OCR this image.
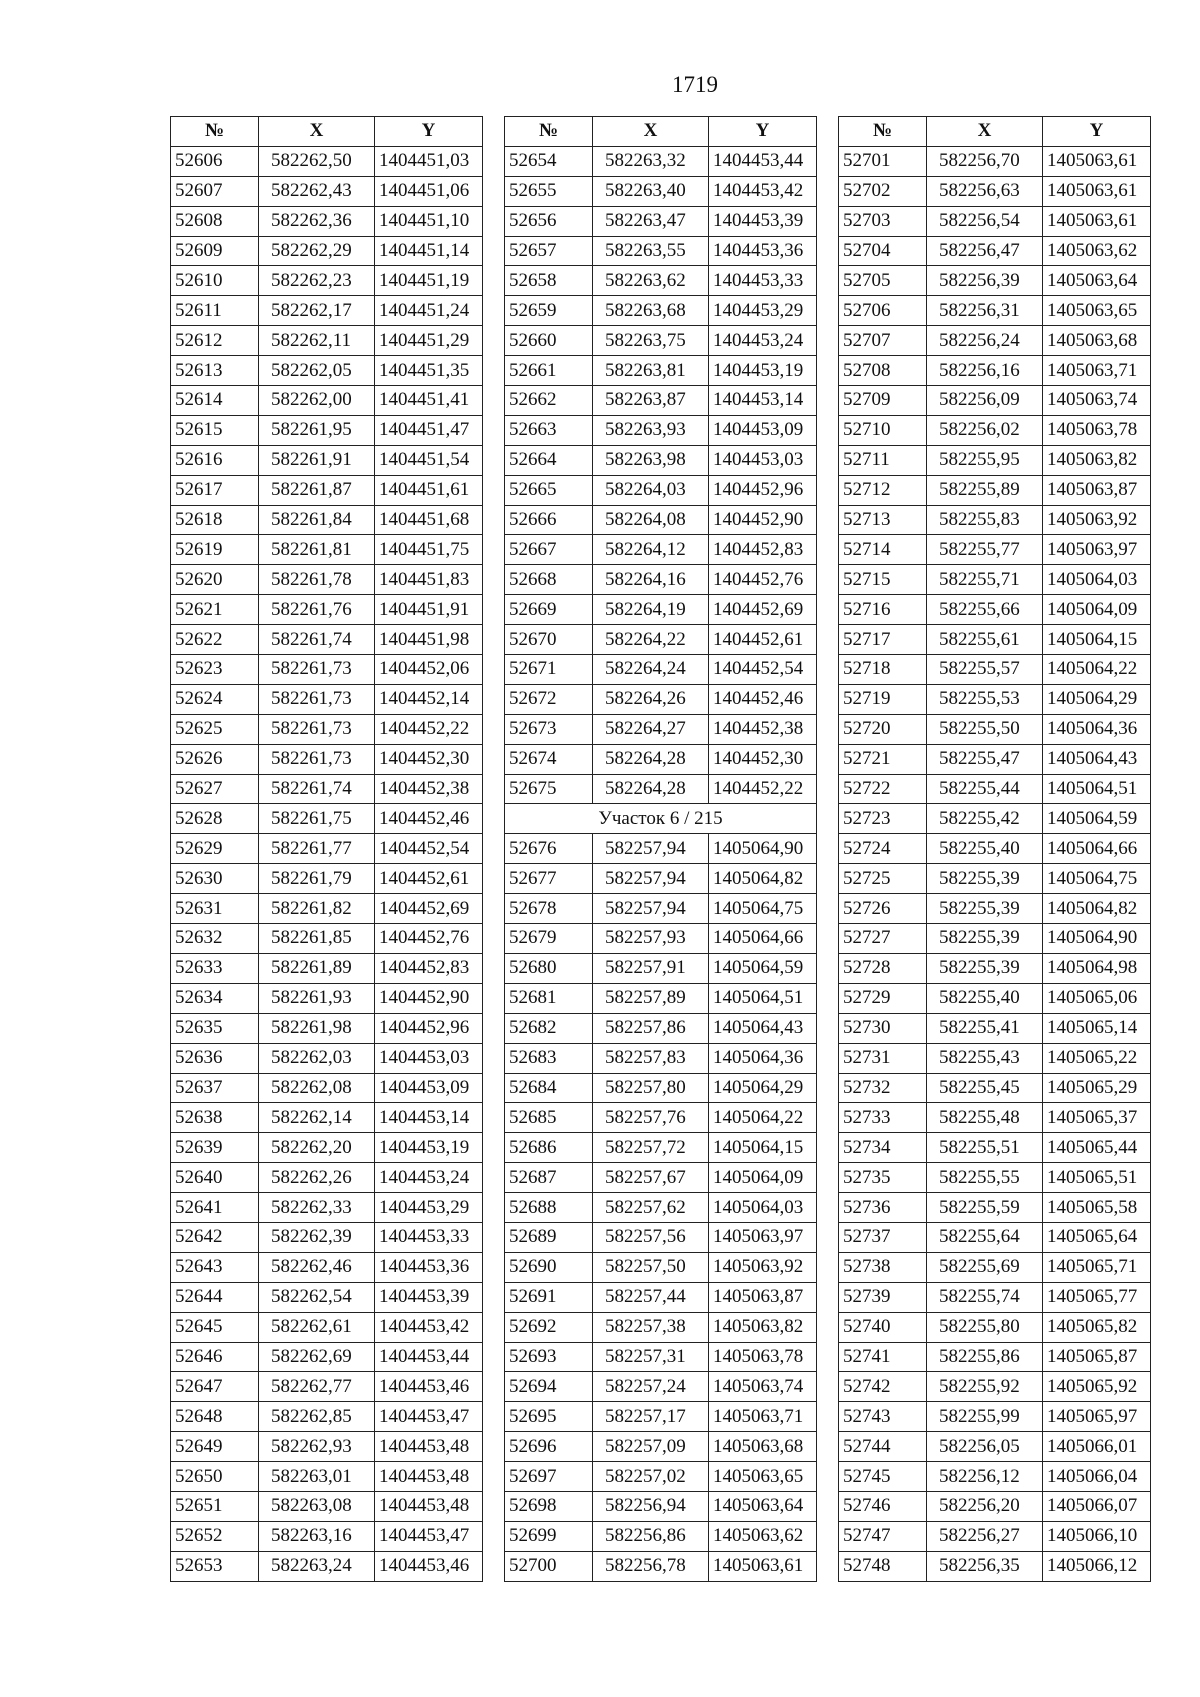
1719
№	X	Y
52606	582262,50	1404451,03
52607	582262,43	1404451,06
52608	582262,36	1404451,10
52609	582262,29	1404451,14
52610	582262,23	1404451,19
52611	582262,17	1404451,24
52612	582262,11	1404451,29
52613	582262,05	1404451,35
52614	582262,00	1404451,41
52615	582261,95	1404451,47
52616	582261,91	1404451,54
52617	582261,87	1404451,61
52618	582261,84	1404451,68
52619	582261,81	1404451,75
52620	582261,78	1404451,83
52621	582261,76	1404451,91
52622	582261,74	1404451,98
52623	582261,73	1404452,06
52624	582261,73	1404452,14
52625	582261,73	1404452,22
52626	582261,73	1404452,30
52627	582261,74	1404452,38
52628	582261,75	1404452,46
52629	582261,77	1404452,54
52630	582261,79	1404452,61
52631	582261,82	1404452,69
52632	582261,85	1404452,76
52633	582261,89	1404452,83
52634	582261,93	1404452,90
52635	582261,98	1404452,96
52636	582262,03	1404453,03
52637	582262,08	1404453,09
52638	582262,14	1404453,14
52639	582262,20	1404453,19
52640	582262,26	1404453,24
52641	582262,33	1404453,29
52642	582262,39	1404453,33
52643	582262,46	1404453,36
52644	582262,54	1404453,39
52645	582262,61	1404453,42
52646	582262,69	1404453,44
52647	582262,77	1404453,46
52648	582262,85	1404453,47
52649	582262,93	1404453,48
52650	582263,01	1404453,48
52651	582263,08	1404453,48
52652	582263,16	1404453,47
52653	582263,24	1404453,46
№	X	Y
52654	582263,32	1404453,44
52655	582263,40	1404453,42
52656	582263,47	1404453,39
52657	582263,55	1404453,36
52658	582263,62	1404453,33
52659	582263,68	1404453,29
52660	582263,75	1404453,24
52661	582263,81	1404453,19
52662	582263,87	1404453,14
52663	582263,93	1404453,09
52664	582263,98	1404453,03
52665	582264,03	1404452,96
52666	582264,08	1404452,90
52667	582264,12	1404452,83
52668	582264,16	1404452,76
52669	582264,19	1404452,69
52670	582264,22	1404452,61
52671	582264,24	1404452,54
52672	582264,26	1404452,46
52673	582264,27	1404452,38
52674	582264,28	1404452,30
52675	582264,28	1404452,22
Участок 6 / 215		
52676	582257,94	1405064,90
52677	582257,94	1405064,82
52678	582257,94	1405064,75
52679	582257,93	1405064,66
52680	582257,91	1405064,59
52681	582257,89	1405064,51
52682	582257,86	1405064,43
52683	582257,83	1405064,36
52684	582257,80	1405064,29
52685	582257,76	1405064,22
52686	582257,72	1405064,15
52687	582257,67	1405064,09
52688	582257,62	1405064,03
52689	582257,56	1405063,97
52690	582257,50	1405063,92
52691	582257,44	1405063,87
52692	582257,38	1405063,82
52693	582257,31	1405063,78
52694	582257,24	1405063,74
52695	582257,17	1405063,71
52696	582257,09	1405063,68
52697	582257,02	1405063,65
52698	582256,94	1405063,64
52699	582256,86	1405063,62
52700	582256,78	1405063,61
№	X	Y
52701	582256,70	1405063,61
52702	582256,63	1405063,61
52703	582256,54	1405063,61
52704	582256,47	1405063,62
52705	582256,39	1405063,64
52706	582256,31	1405063,65
52707	582256,24	1405063,68
52708	582256,16	1405063,71
52709	582256,09	1405063,74
52710	582256,02	1405063,78
52711	582255,95	1405063,82
52712	582255,89	1405063,87
52713	582255,83	1405063,92
52714	582255,77	1405063,97
52715	582255,71	1405064,03
52716	582255,66	1405064,09
52717	582255,61	1405064,15
52718	582255,57	1405064,22
52719	582255,53	1405064,29
52720	582255,50	1405064,36
52721	582255,47	1405064,43
52722	582255,44	1405064,51
52723	582255,42	1405064,59
52724	582255,40	1405064,66
52725	582255,39	1405064,75
52726	582255,39	1405064,82
52727	582255,39	1405064,90
52728	582255,39	1405064,98
52729	582255,40	1405065,06
52730	582255,41	1405065,14
52731	582255,43	1405065,22
52732	582255,45	1405065,29
52733	582255,48	1405065,37
52734	582255,51	1405065,44
52735	582255,55	1405065,51
52736	582255,59	1405065,58
52737	582255,64	1405065,64
52738	582255,69	1405065,71
52739	582255,74	1405065,77
52740	582255,80	1405065,82
52741	582255,86	1405065,87
52742	582255,92	1405065,92
52743	582255,99	1405065,97
52744	582256,05	1405066,01
52745	582256,12	1405066,04
52746	582256,20	1405066,07
52747	582256,27	1405066,10
52748	582256,35	1405066,12
